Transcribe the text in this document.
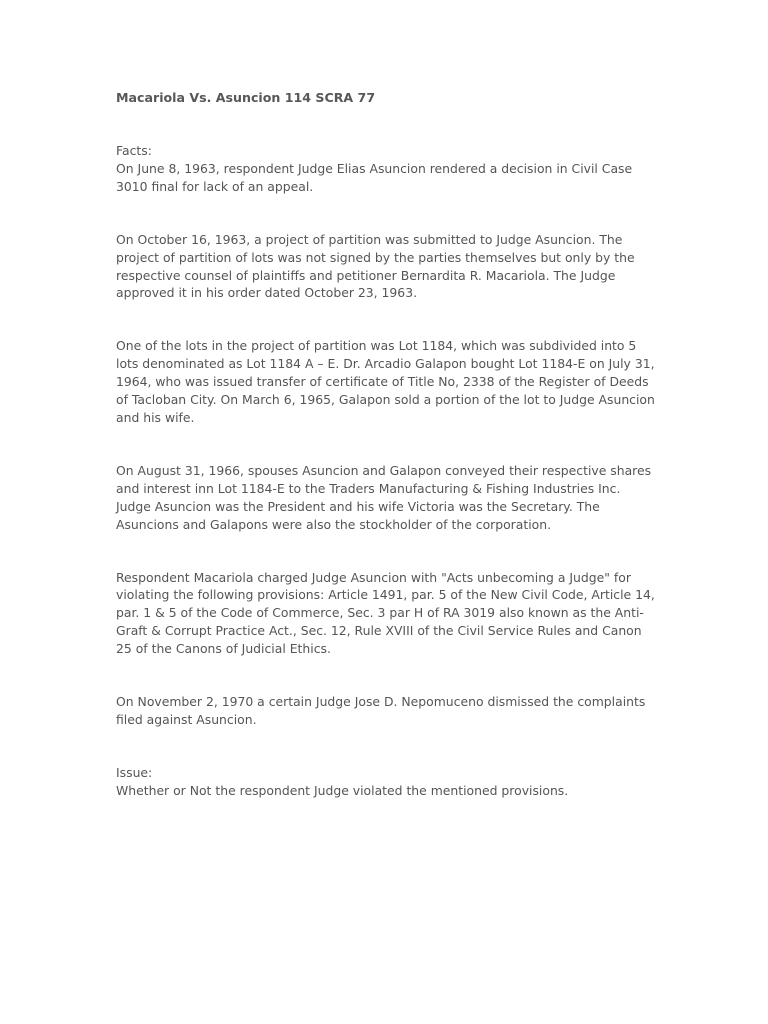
Macariola Vs. Asuncion 114 SCRA 77

Facts:

On June 8, 1963, respondent Judge Elias Asuncion rendered a decision in Civil Case 3010 final for lack of an appeal.

On October 16, 1963, a project of partition was submitted to Judge Asuncion. The project of partition of lots was not signed by the parties themselves but only by the respective counsel of plaintiffs and petitioner Bernardita R. Macariola. The Judge approved it in his order dated October 23, 1963.

One of the lots in the project of partition was Lot 1184, which was subdivided into 5 lots denominated as Lot 1184 A – E. Dr. Arcadio Galapon bought Lot 1184-E on July 31, 1964, who was issued transfer of certificate of Title No, 2338 of the Register of Deeds of Tacloban City. On March 6, 1965, Galapon sold a portion of the lot to Judge Asuncion and his wife.

On August 31, 1966, spouses Asuncion and Galapon conveyed their respective shares and interest inn Lot 1184-E to the Traders Manufacturing & Fishing Industries Inc. Judge Asuncion was the President and his wife Victoria was the Secretary. The Asuncions and Galapons were also the stockholder of the corporation.

Respondent Macariola charged Judge Asuncion with "Acts unbecoming a Judge" for violating the following provisions: Article 1491, par. 5 of the New Civil Code, Article 14, par. 1 & 5 of the Code of Commerce, Sec. 3 par H of RA 3019 also known as the Anti-Graft & Corrupt Practice Act., Sec. 12, Rule XVIII of the Civil Service Rules and Canon 25 of the Canons of Judicial Ethics.

On November 2, 1970 a certain Judge Jose D. Nepomuceno dismissed the complaints filed against Asuncion.

Issue:

Whether or Not the respondent Judge violated the mentioned provisions.
